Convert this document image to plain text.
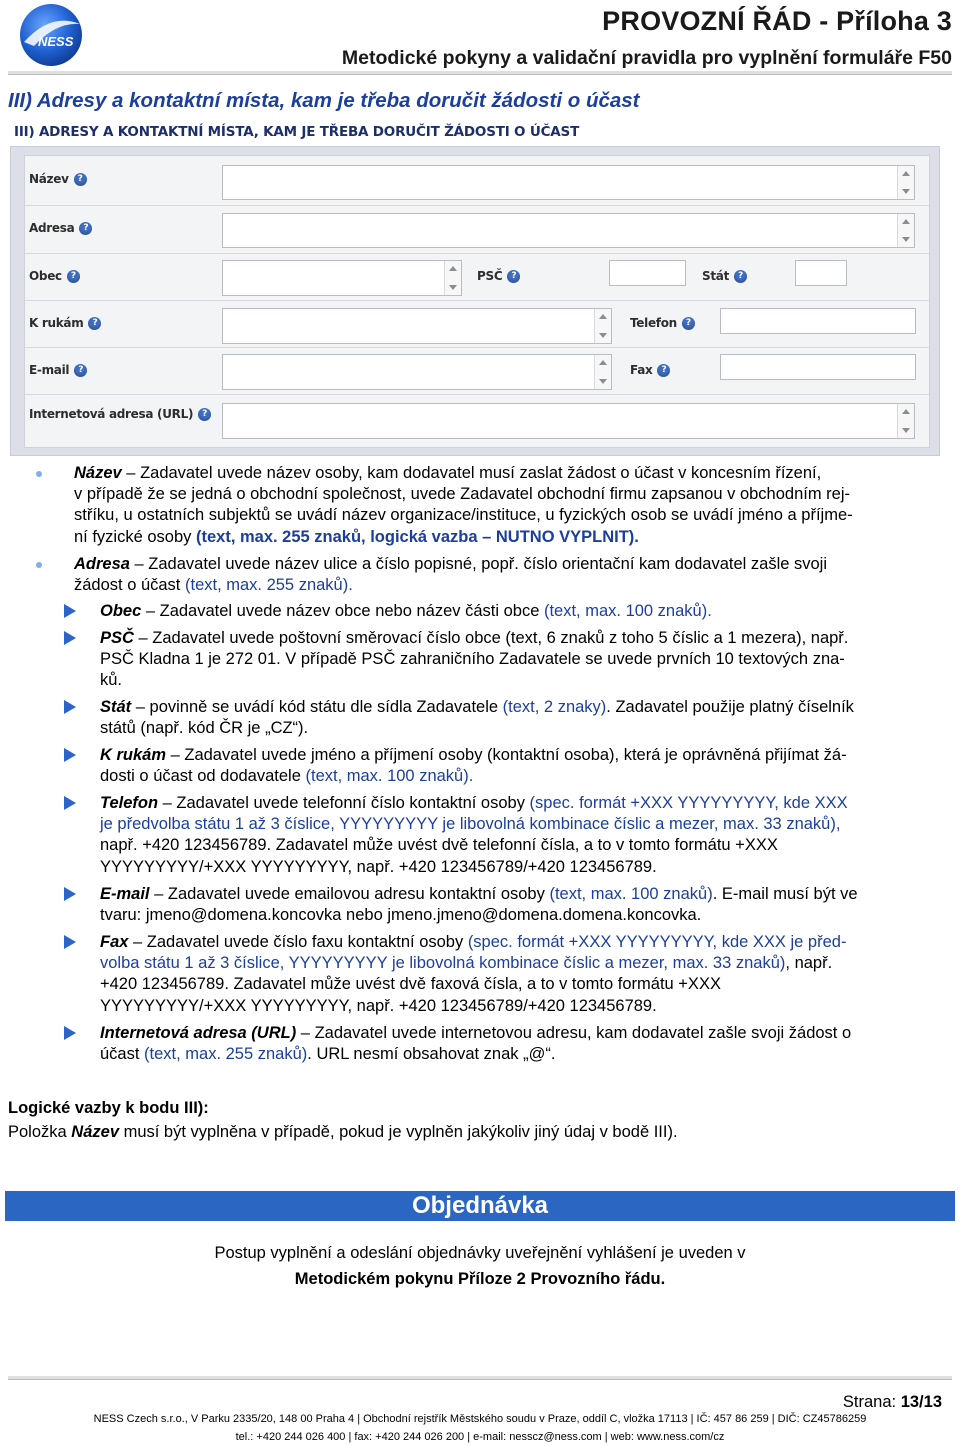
NESS
PROVOZNÍ ŘÁD - Příloha 3
Metodické pokyny a validační pravidla pro vyplnění formuláře F50
III) Adresy a kontaktní místa, kam je třeba doručit žádosti o účast
III) ADRESY A KONTAKTNÍ MÍSTA, KAM JE TŘEBA DORUČIT ŽÁDOSTI O ÚČAST
Název	?
Adresa	?
Obec	?	PSČ	?	Stát	?
K rukám	?	Telefon	?
E-mail	?	Fax	?
Internetová adresa (URL)	?
Název – Zadavatel uvede název osoby, kam dodavatel musí zaslat žádost o účast v koncesním řízení,
v případě že se jedná o obchodní společnost, uvede Zadavatel obchodní firmu zapsanou v obchodním rej-
stříku, u ostatních subjektů se uvádí název organizace/instituce, u fyzických osob se uvádí jméno a příjme-
ní fyzické osoby (text, max. 255 znaků, logická vazba – NUTNO VYPLNIT).
Adresa – Zadavatel uvede název ulice a číslo popisné, popř. číslo orientační kam dodavatel zašle svoji
žádost o účast (text, max. 255 znaků).
Obec – Zadavatel uvede název obce nebo název části obce (text, max. 100 znaků).
PSČ – Zadavatel uvede poštovní směrovací číslo obce (text, 6 znaků z toho 5 číslic a 1 mezera), např.
PSČ Kladna 1 je 272 01. V případě PSČ zahraničního Zadavatele se uvede prvních 10 textových zna-
ků.
Stát – povinně se uvádí kód státu dle sídla Zadavatele (text, 2 znaky). Zadavatel použije platný číselník
států (např. kód ČR je „CZ“).
K rukám – Zadavatel uvede jméno a příjmení osoby (kontaktní osoba), která je oprávněná přijímat žá-
dosti o účast od dodavatele (text, max. 100 znaků).
Telefon – Zadavatel uvede telefonní číslo kontaktní osoby (spec. formát +XXX YYYYYYYYY, kde XXX
je předvolba státu 1 až 3 číslice, YYYYYYYYY je libovolná kombinace číslic a mezer, max. 33 znaků),
např. +420 123456789. Zadavatel může uvést dvě telefonní čísla, a to v tomto formátu +XXX
YYYYYYYYY/+XXX YYYYYYYYY, např. +420 123456789/+420 123456789.
E-mail – Zadavatel uvede emailovou adresu kontaktní osoby (text, max. 100 znaků). E-mail musí být ve
tvaru: jmeno@domena.koncovka nebo jmeno.jmeno@domena.domena.koncovka.
Fax – Zadavatel uvede číslo faxu kontaktní osoby (spec. formát +XXX YYYYYYYYY, kde XXX je před-
volba státu 1 až 3 číslice, YYYYYYYYY je libovolná kombinace číslic a mezer, max. 33 znaků), např.
+420 123456789. Zadavatel může uvést dvě faxová čísla, a to v tomto formátu +XXX
YYYYYYYYY/+XXX YYYYYYYYY, např. +420 123456789/+420 123456789.
Internetová adresa (URL) – Zadavatel uvede internetovou adresu, kam dodavatel zašle svoji žádost o
účast (text, max. 255 znaků). URL nesmí obsahovat znak „@“.
Logické vazby k bodu III):
Položka Název musí být vyplněna v případě, pokud je vyplněn jakýkoliv jiný údaj v bodě III).
Objednávka
Postup vyplnění a odeslání objednávky uveřejnění vyhlášení je uveden v
Metodickém pokynu Příloze 2 Provozního řádu.
Strana: 13/13
NESS Czech s.r.o., V Parku 2335/20, 148 00 Praha 4 | Obchodní rejstřík Městského soudu v Praze, oddíl C, vložka 17113 | IČ: 457 86 259 | DIČ: CZ45786259
tel.: +420 244 026 400 | fax: +420 244 026 200 | e-mail: nesscz@ness.com | web: www.ness.com/cz
